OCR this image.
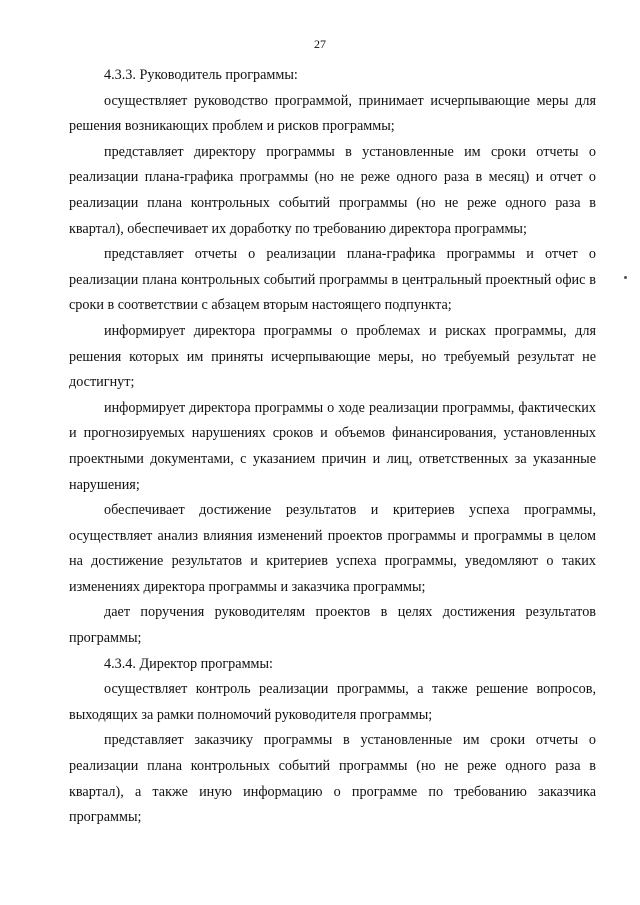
27

4.3.3. Руководитель программы:

осуществляет руководство программой, принимает исчерпывающие меры для решения возникающих проблем и рисков программы;

представляет директору программы в установленные им сроки отчеты о реализации плана-графика программы (но не реже одного раза в месяц) и отчет о реализации плана контрольных событий программы (но не реже одного раза в квартал), обеспечивает их доработку по требованию директора программы;

представляет отчеты о реализации плана-графика программы и отчет о реализации плана контрольных событий программы в центральный проектный офис в сроки в соответствии с абзацем вторым настоящего подпункта;

информирует директора программы о проблемах и рисках программы, для решения которых им приняты исчерпывающие меры, но требуемый результат не достигнут;

информирует директора программы о ходе реализации программы, фактических и прогнозируемых нарушениях сроков и объемов финансирования, установленных проектными документами, с указанием причин и лиц, ответственных за указанные нарушения;

обеспечивает достижение результатов и критериев успеха программы, осуществляет анализ влияния изменений проектов программы и программы в целом на достижение результатов и критериев успеха программы, уведомляют о таких изменениях директора программы и заказчика программы;

дает поручения руководителям проектов в целях достижения результатов программы;

4.3.4. Директор программы:

осуществляет контроль реализации программы, а также решение вопросов, выходящих за рамки полномочий руководителя программы;

представляет заказчику программы в установленные им сроки отчеты о реализации плана контрольных событий программы (но не реже одного раза в квартал), а также иную информацию о программе по требованию заказчика программы;
